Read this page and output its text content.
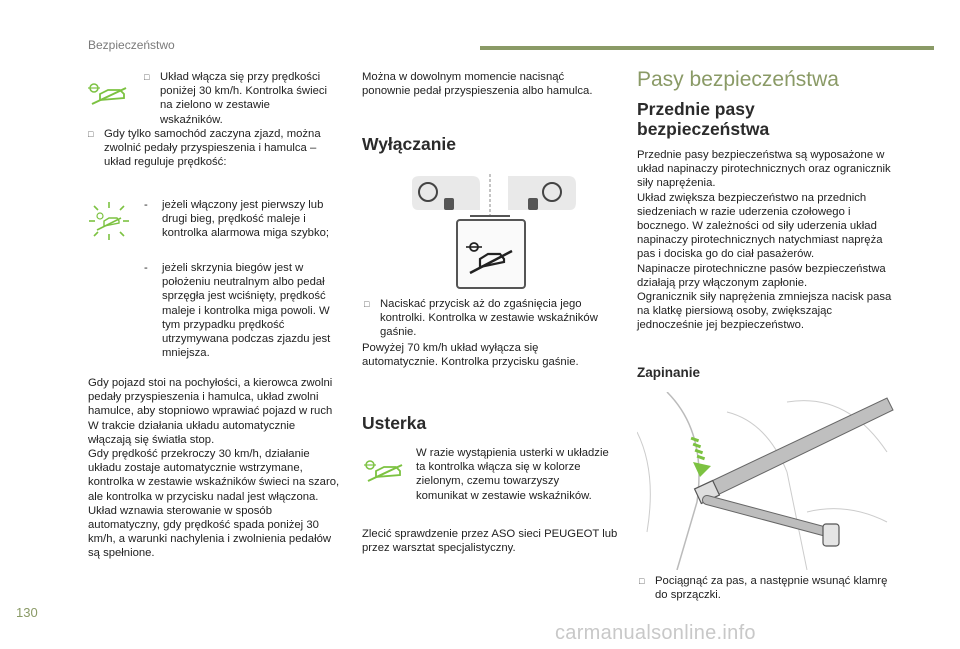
Bezpieczeństwo
□ Układ włącza się przy prędkości poniżej 30 km/h. Kontrolka świeci na zielono w zestawie wskaźników.
□ Gdy tylko samochód zaczyna zjazd, można zwolnić pedały przyspieszenia i hamulca – układ reguluje prędkość:
- jeżeli włączony jest pierwszy lub drugi bieg, prędkość maleje i kontrolka alarmowa miga szybko;
- jeżeli skrzynia biegów jest w położeniu neutralnym albo pedał sprzęgła jest wciśnięty, prędkość maleje i kontrolka miga powoli. W tym przypadku prędkość utrzymywana podczas zjazdu jest mniejsza.
Gdy pojazd stoi na pochyłości, a kierowca zwolni pedały przyspieszenia i hamulca, układ zwolni hamulce, aby stopniowo wprawiać pojazd w ruch
W trakcie działania układu automatycznie włączają się światła stop.
Gdy prędkość przekroczy 30 km/h, działanie układu zostaje automatycznie wstrzymane, kontrolka w zestawie wskaźników świeci na szaro, ale kontrolka w przycisku nadal jest włączona.
Układ wznawia sterowanie w sposób automatyczny, gdy prędkość spada poniżej 30 km/h, a warunki nachylenia i zwolnienia pedałów są spełnione.
Można w dowolnym momencie nacisnąć ponownie pedał przyspieszenia albo hamulca.
Wyłączanie
□ Naciskać przycisk aż do zgaśnięcia jego kontrolki. Kontrolka w zestawie wskaźników gaśnie.
Powyżej 70 km/h układ wyłącza się automatycznie. Kontrolka przycisku gaśnie.
Usterka
W razie wystąpienia usterki w układzie ta kontrolka włącza się w kolorze zielonym, czemu towarzyszy komunikat w zestawie wskaźników.
Zlecić sprawdzenie przez ASO sieci PEUGEOT lub przez warsztat specjalistyczny.
Pasy bezpieczeństwa
Przednie pasy bezpieczeństwa
Przednie pasy bezpieczeństwa są wyposażone w układ napinaczy pirotechnicznych oraz ogranicznik siły napręźenia.
Układ zwiększa bezpieczeństwo na przednich siedzeniach w razie uderzenia czołowego i bocznego. W zależności od siły uderzenia układ napinaczy pirotechnicznych natychmiast napręża pas i dociska go do ciał pasażerów.
Napinacze pirotechniczne pasów bezpieczeństwa działają przy włączonym zapłonie.
Ogranicznik siły naprężenia zmniejsza nacisk pasa na klatkę piersiową osoby, zwiększając jednocześnie jej bezpieczeństwo.
Zapinanie
□ Pociągnąć za pas, a następnie wsunąć klamrę do sprzączki.
130
carmanualsonline.info
